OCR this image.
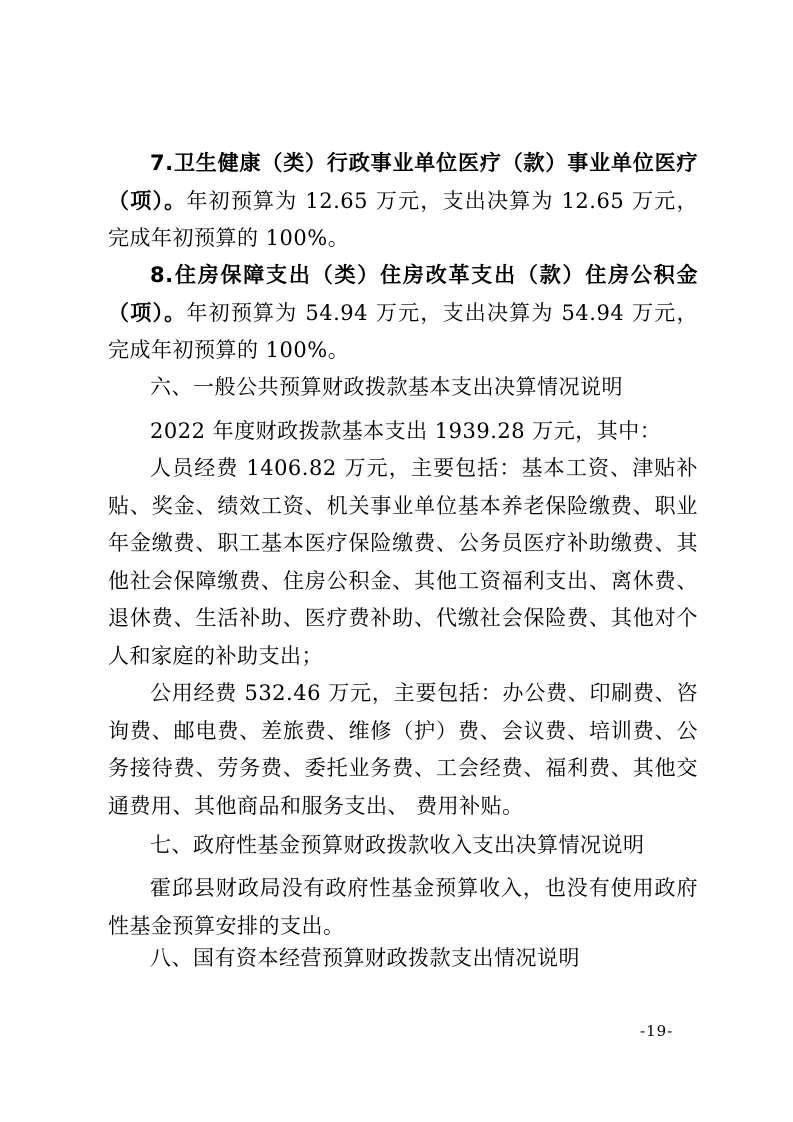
7.卫生健康（类）行政事业单位医疗（款）事业单位医疗（项）。年初预算为 12.65 万元，支出决算为 12.65 万元，完成年初预算的 100%。

8.住房保障支出（类）住房改革支出（款）住房公积金（项）。年初预算为 54.94 万元，支出决算为 54.94 万元，完成年初预算的 100%。

六、一般公共预算财政拨款基本支出决算情况说明

2022 年度财政拨款基本支出 1939.28 万元，其中：

人员经费 1406.82 万元，主要包括：基本工资、津贴补贴、奖金、绩效工资、机关事业单位基本养老保险缴费、职业年金缴费、职工基本医疗保险缴费、公务员医疗补助缴费、其他社会保障缴费、住房公积金、其他工资福利支出、离休费、退休费、生活补助、医疗费补助、代缴社会保险费、其他对个人和家庭的补助支出；

公用经费 532.46 万元，主要包括：办公费、印刷费、咨询费、邮电费、差旅费、维修（护）费、会议费、培训费、公务接待费、劳务费、委托业务费、工会经费、福利费、其他交通费用、其他商品和服务支出、 费用补贴。

七、政府性基金预算财政拨款收入支出决算情况说明

霍邱县财政局没有政府性基金预算收入，也没有使用政府性基金预算安排的支出。

八、国有资本经营预算财政拨款支出情况说明

-19-
